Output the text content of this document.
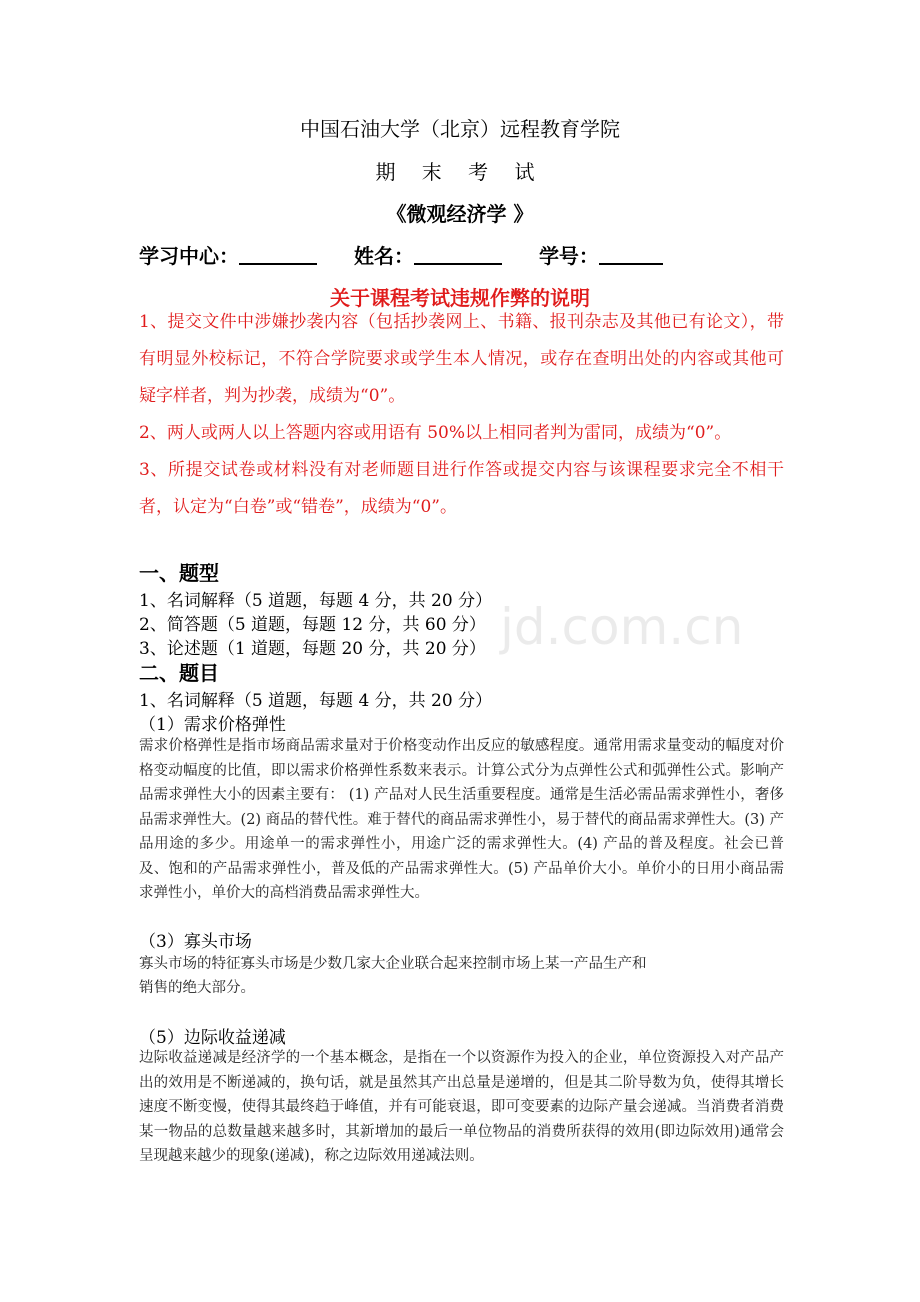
中国石油大学（北京）远程教育学院
期 末 考 试
《微观经济学 》
学习中心：	姓名：	学号：
关于课程考试违规作弊的说明

1、提交文件中涉嫌抄袭内容（包括抄袭网上、书籍、报刊杂志及其他已有论文），带有明显外校标记，不符合学院要求或学生本人情况，或存在查明出处的内容或其他可疑字样者，判为抄袭，成绩为“0”。

2、两人或两人以上答题内容或用语有 50%以上相同者判为雷同，成绩为“0”。

3、所提交试卷或材料没有对老师题目进行作答或提交内容与该课程要求完全不相干者，认定为“白卷”或“错卷”，成绩为“0”。

一、题型
1、名词解释（5 道题，每题 4 分，共 20 分）
2、简答题（5 道题，每题 12 分，共 60 分）
3、论述题（1 道题，每题 20 分，共 20 分） jd.com.cn
二、题目
1、名词解释（5 道题，每题 4 分，共 20 分）
（1）需求价格弹性

需求价格弹性是指市场商品需求量对于价格变动作出反应的敏感程度。通常用需求量变动的幅度对价格变动幅度的比值，即以需求价格弹性系数来表示。计算公式分为点弹性公式和弧弹性公式。影响产品需求弹性大小的因素主要有： (1) 产品对人民生活重要程度。通常是生活必需品需求弹性小，奢侈品需求弹性大。(2) 商品的替代性。难于替代的商品需求弹性小，易于替代的商品需求弹性大。(3) 产品用途的多少。用途单一的需求弹性小，用途广泛的需求弹性大。(4) 产品的普及程度。社会已普及、饱和的产品需求弹性小，普及低的产品需求弹性大。(5) 产品单价大小。单价小的日用小商品需求弹性小，单价大的高档消费品需求弹性大。

（3）寡头市场
寡头市场的特征寡头市场是少数几家大企业联合起来控制市场上某一产品生产和
销售的绝大部分。
（5）边际收益递减

边际收益递减是经济学的一个基本概念，是指在一个以资源作为投入的企业，单位资源投入对产品产出的效用是不断递减的，换句话，就是虽然其产出总量是递增的，但是其二阶导数为负，使得其增长速度不断变慢，使得其最终趋于峰值，并有可能衰退，即可变要素的边际产量会递减。当消费者消费某一物品的总数量越来越多时，其新增加的最后一单位物品的消费所获得的效用(即边际效用)通常会呈现越来越少的现象(递减)，称之边际效用递减法则。
